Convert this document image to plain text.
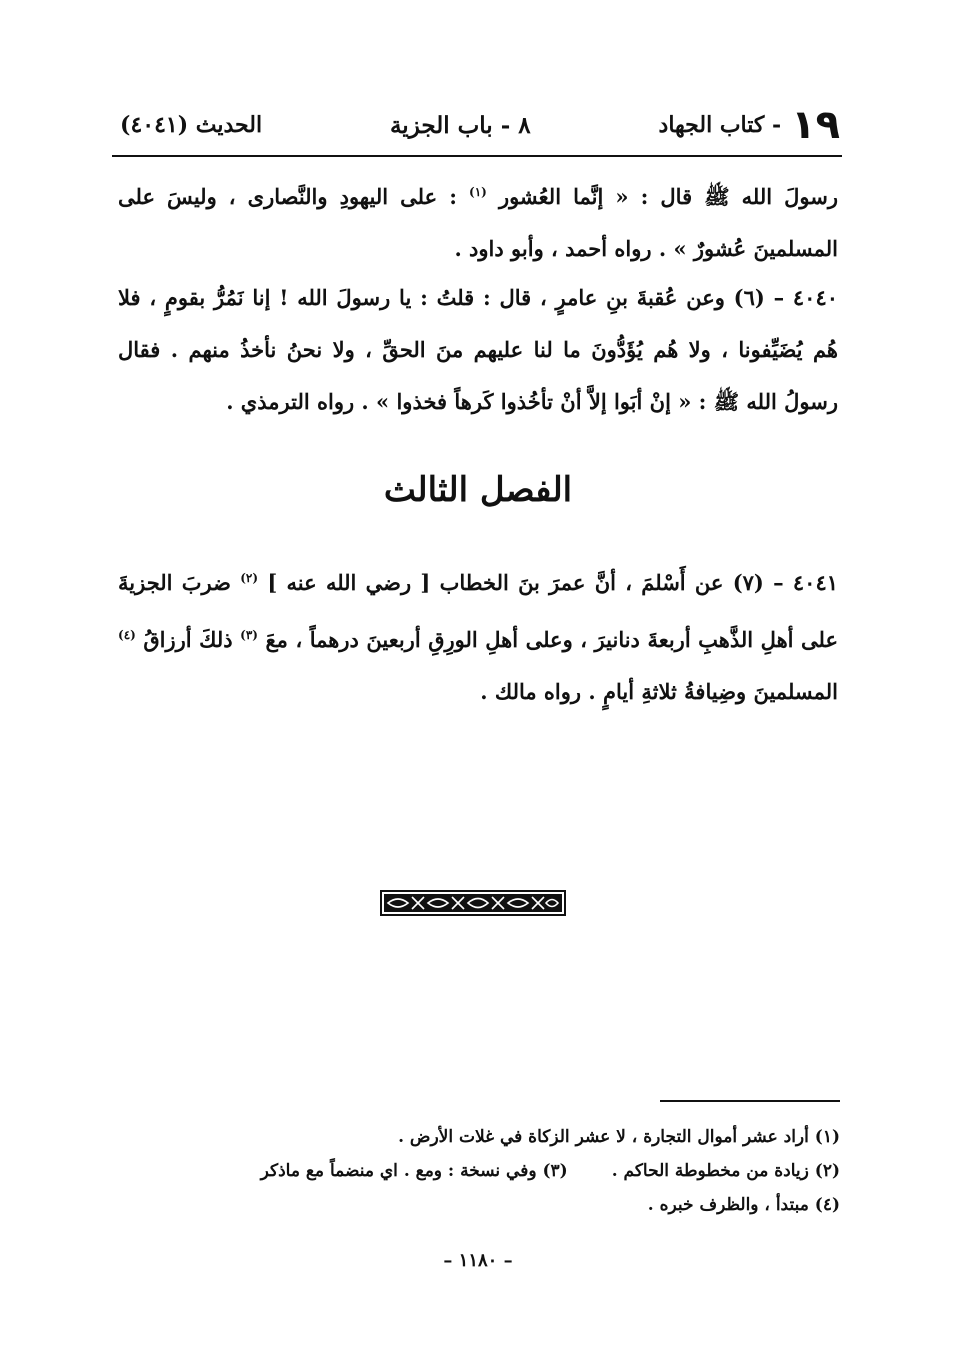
١٩
- كتاب الجهاد
٨ - باب الجزية
الحديث (٤٠٤١)
رسولَ الله ﷺ قال : « إنَّما العُشور $^{(١)}$ : على اليهودِ والنَّصارى ، وليسَ على المسلمينَ عُشورٌ » . رواه أحمد ، وأبو داود .
٤٠٤٠ – (٦) وعن عُقبةَ بنِ عامرٍ ، قال : قلتُ : يا رسولَ الله ! إنا نَمُرُّ بقومٍ ، فلا هُم يُضَيِّفونا ، ولا هُم يُؤَدُّونَ ما لنا عليهم منَ الحقِّ ، ولا نحنُ نأخذُ منهم . فقال رسولُ الله ﷺ : « إنْ أبَوا إلاَّ أنْ تأخُذوا كَرهاً فخذوا » . رواه الترمذي .
الفصل الثالث
٤٠٤١ – (٧) عن أَسْلمَ ، أنَّ عمرَ بنَ الخطاب [ رضي الله عنه ] $^{(٢)}$ ضربَ الجزيةَ على أهلِ الذَّهبِ أربعةَ دنانيرَ ، وعلى أهلِ الورِقِ أربعينَ درهماً ، معَ $^{(٣)}$ ذلكَ أرزاقُ $^{(٤)}$ المسلمينَ وضِيافةُ ثلاثةِ أيامٍ . رواه مالك .
(١) أراد عشر أموال التجارة ، لا عشر الزكاة في غلات الأرض .
(٢) زيادة من مخطوطة الحاكم .
(٣) وفي نسخة : ومع . اي منضماً مع ماذكر
(٤) مبتدأ ، والظرف خبره .
– ١١٨٠ –
